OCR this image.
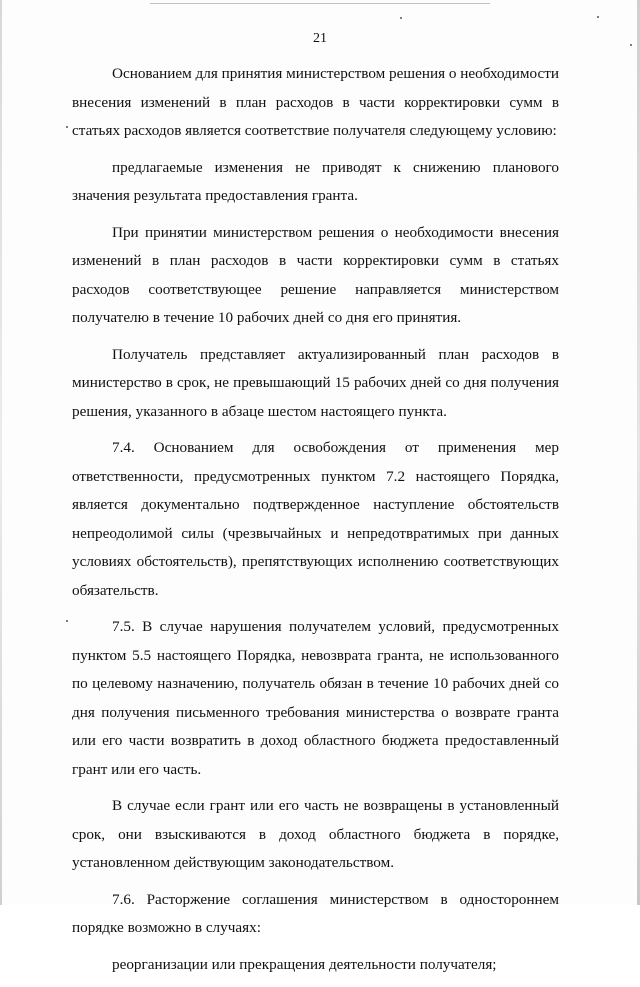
21

Основанием для принятия министерством решения о необходимости внесения изменений в план расходов в части корректировки сумм в статьях расходов является соответствие получателя следующему условию:

предлагаемые изменения не приводят к снижению планового значения результата предоставления гранта.

При принятии министерством решения о необходимости внесения изменений в план расходов в части корректировки сумм в статьях расходов соответствующее решение направляется министерством получателю в течение 10 рабочих дней со дня его принятия.

Получатель представляет актуализированный план расходов в министерство в срок, не превышающий 15 рабочих дней со дня получения решения, указанного в абзаце шестом настоящего пункта.

7.4. Основанием для освобождения от применения мер ответственности, предусмотренных пунктом 7.2 настоящего Порядка, является документально подтвержденное наступление обстоятельств непреодолимой силы (чрезвычайных и непредотвратимых при данных условиях обстоятельств), препятствующих исполнению соответствующих обязательств.

7.5. В случае нарушения получателем условий, предусмотренных пунктом 5.5 настоящего Порядка, невозврата гранта, не использованного по целевому назначению, получатель обязан в течение 10 рабочих дней со дня получения письменного требования министерства о возврате гранта или его части возвратить в доход областного бюджета предоставленный грант или его часть.

В случае если грант или его часть не возвращены в установленный срок, они взыскиваются в доход областного бюджета в порядке, установленном действующим законодательством.

7.6. Расторжение соглашения министерством в одностороннем порядке возможно в случаях:

реорганизации или прекращения деятельности получателя;
